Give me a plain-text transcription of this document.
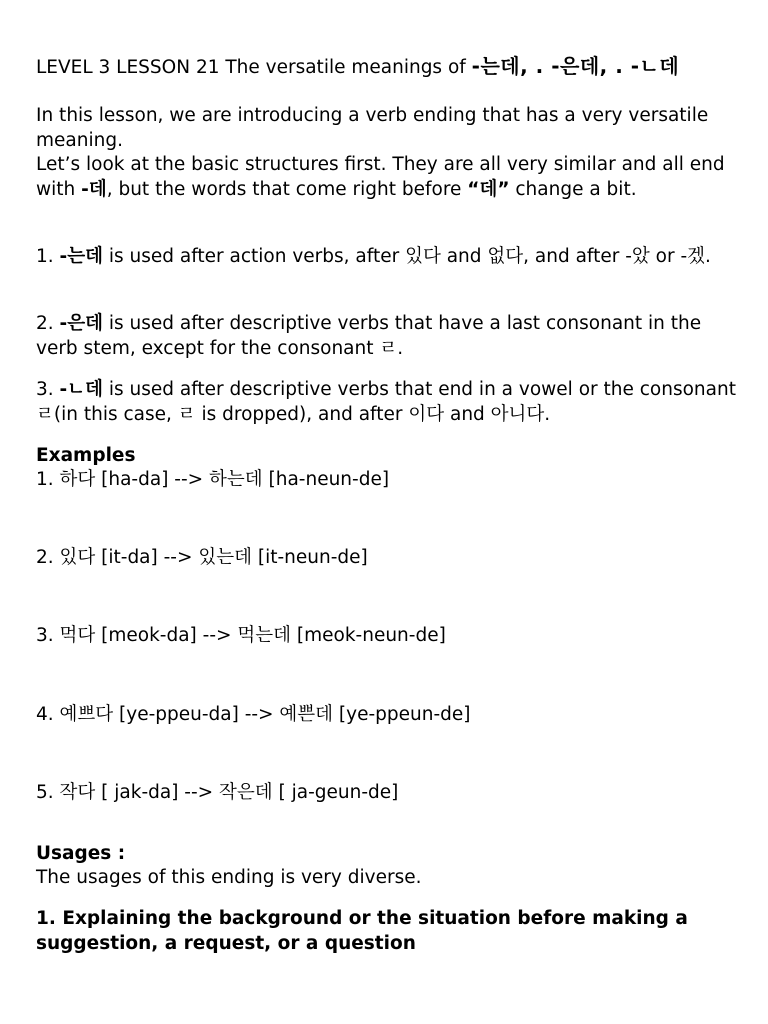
LEVEL 3 LESSON 21 The versatile meanings of -는데, . -은데, . -ㄴ데
In this lesson, we are introducing a verb ending that has a very versatile meaning.
Let’s look at the basic structures first. They are all very similar and all end with -데, but the words that come right before “데” change a bit.
1. -는데 is used after action verbs, after 있다 and 없다, and after -았 or -겠.
2. -은데 is used after descriptive verbs that have a last consonant in the verb stem, except for the consonant ㄹ.
3. -ㄴ데 is used after descriptive verbs that end in a vowel or the consonant ㄹ(in this case, ㄹ is dropped), and after 이다 and 아니다.
Examples
1. 하다 [ha-da] --> 하는데 [ha-neun-de]
2. 있다 [it-da] --> 있는데 [it-neun-de]
3. 먹다 [meok-da] --> 먹는데 [meok-neun-de]
4. 예쁘다 [ye-ppeu-da] --> 예쁜데 [ye-ppeun-de]
5. 작다 [ jak-da] --> 작은데 [ ja-geun-de]
Usages :
The usages of this ending is very diverse.
1. Explaining the background or the situation before making a suggestion, a request, or a question
